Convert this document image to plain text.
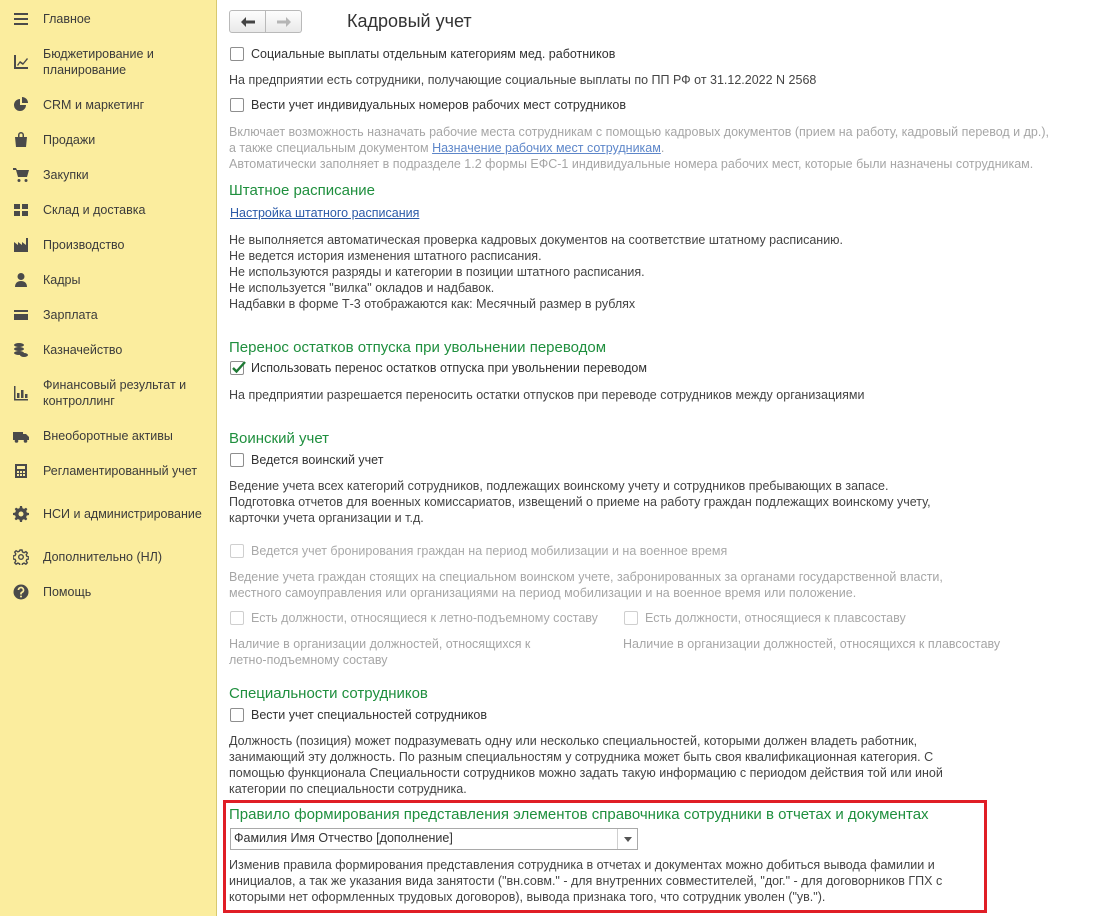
Главное
Бюджетирование и планирование
CRM и маркетинг
Продажи
Закупки
Склад и доставка
Производство
Кадры
Зарплата
Казначейство
Финансовый результат и контроллинг
Внеоборотные активы
Регламентированный учет
НСИ и администрирование
Дополнительно (НЛ)
Помощь
Кадровый учет
Социальные выплаты отдельным категориям мед. работников
На предприятии есть сотрудники, получающие социальные выплаты по ПП РФ от 31.12.2022 N 2568
Вести учет индивидуальных номеров рабочих мест сотрудников
Включает возможность назначать рабочие места сотрудникам с помощью кадровых документов (прием на работу, кадровый перевод и др.),
а также специальным документом Назначение рабочих мест сотрудникам.
Автоматически заполняет в подразделе 1.2 формы ЕФС-1 индивидуальные номера рабочих мест, которые были назначены сотрудникам.
Штатное расписание
Настройка штатного расписания
Не выполняется автоматическая проверка кадровых документов на соответствие штатному расписанию.
Не ведется история изменения штатного расписания.
Не используются разряды и категории в позиции штатного расписания.
Не используется "вилка" окладов и надбавок.
Надбавки в форме Т-3 отображаются как: Месячный размер в рублях
Перенос остатков отпуска при увольнении переводом
Использовать перенос остатков отпуска при увольнении переводом
На предприятии разрешается переносить остатки отпусков при переводе сотрудников между организациями
Воинский учет
Ведется воинский учет
Ведение учета всех категорий сотрудников, подлежащих воинскому учету и сотрудников пребывающих в запасе.
Подготовка отчетов для военных комиссариатов, извещений о приеме на работу граждан подлежащих воинскому учету,
карточки учета организации и т.д.
Ведется учет бронирования граждан на период мобилизации и на военное время
Ведение учета граждан стоящих на специальном воинском учете, забронированных за органами государственной власти,
местного самоуправления или организациями на период мобилизации и на военное время или положение.
Есть должности, относящиеся к летно-подъемному составу
Наличие в организации должностей, относящихся к
летно-подъемному составу
Есть должности, относящиеся к плавсоставу
Наличие в организации должностей, относящихся к плавсоставу
Специальности сотрудников
Вести учет специальностей сотрудников
Должность (позиция) может подразумевать одну или несколько специальностей, которыми должен владеть работник,
занимающий эту должность. По разным специальностям у сотрудника может быть своя квалификационная категория. С
помощью функционала Специальности сотрудников можно задать такую информацию с периодом действия той или иной
категории по специальности сотрудника.
Правило формирования представления элементов справочника сотрудники в отчетах и документах
Фамилия Имя Отчество [дополнение]
Изменив правила формирования представления сотрудника в отчетах и документах можно добиться вывода фамилии и
инициалов, а так же указания вида занятости ("вн.совм." - для внутренних совместителей, "дог." - для договорников ГПХ с
которыми нет оформленных трудовых договоров), вывода признака того, что сотрудник уволен ("ув.").
